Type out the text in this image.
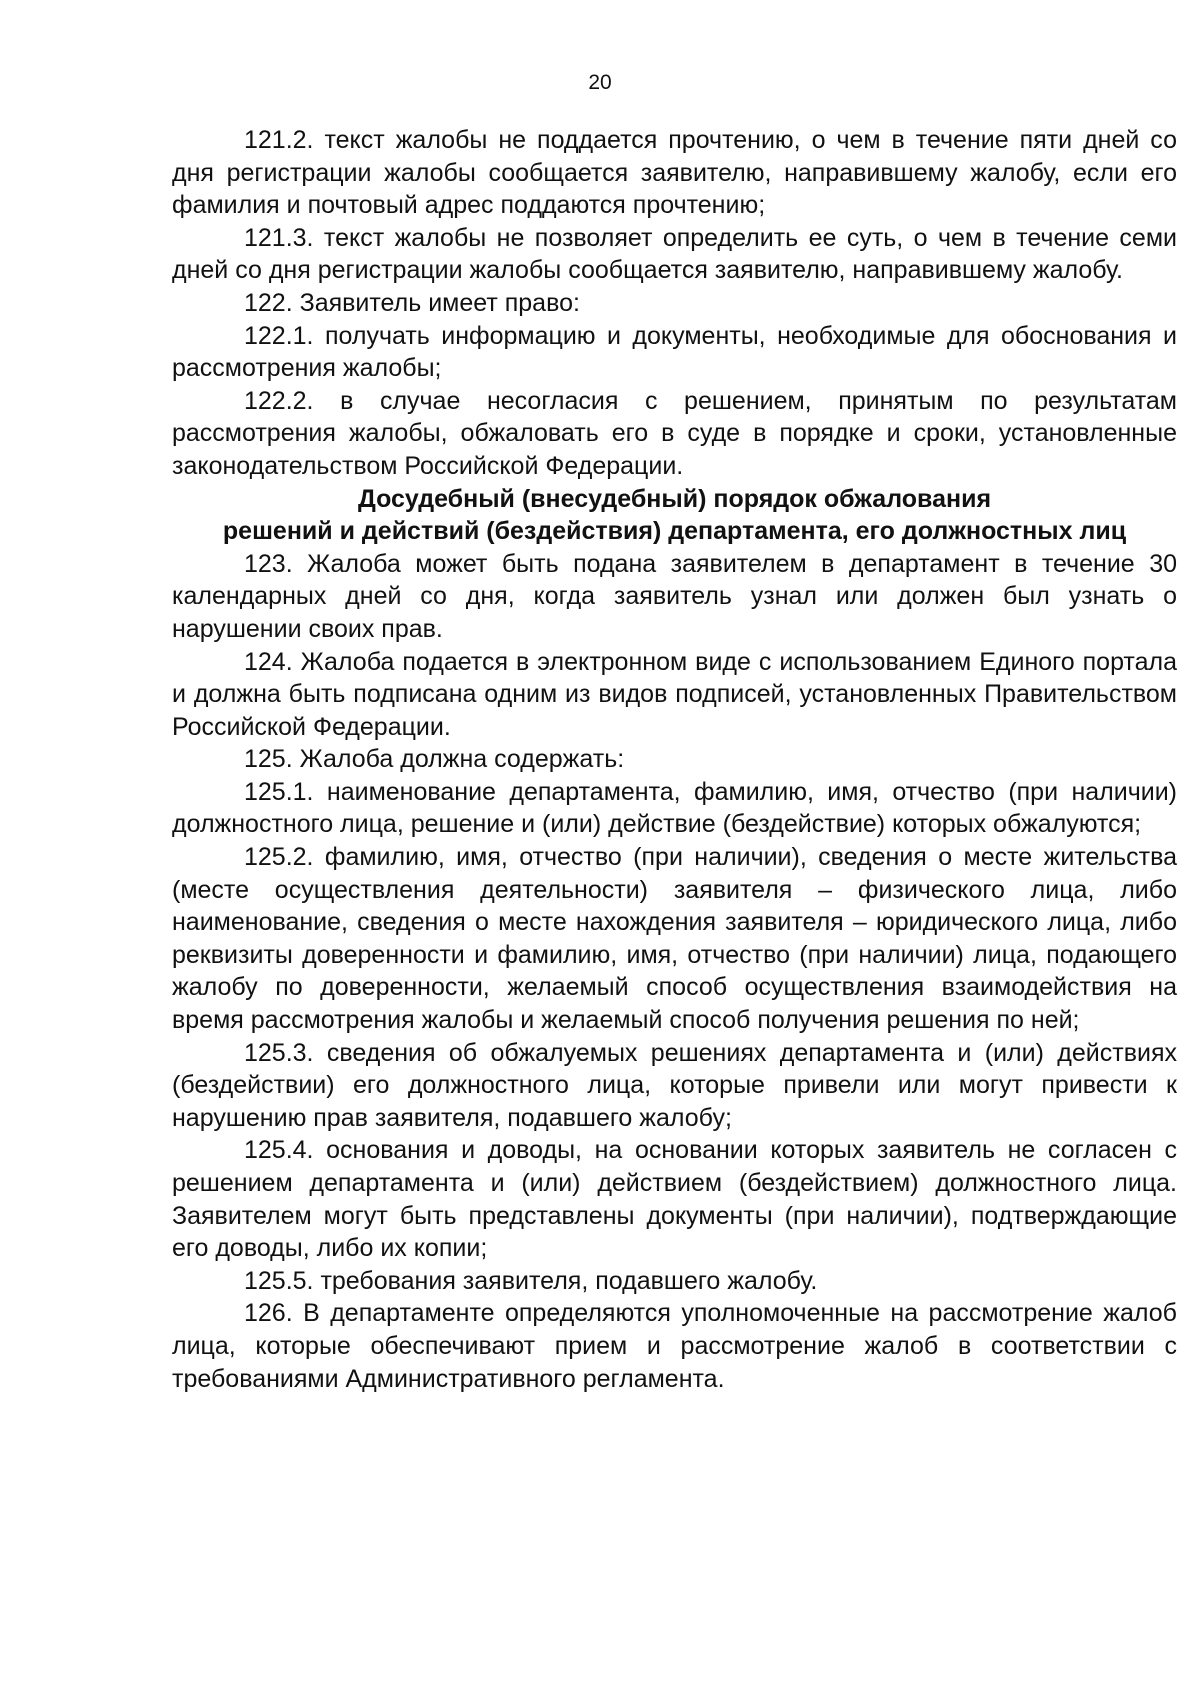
20

121.2. текст жалобы не поддается прочтению, о чем в течение пяти дней со дня регистрации жалобы сообщается заявителю, направившему жалобу, если его фамилия и почтовый адрес поддаются прочтению;

121.3. текст жалобы не позволяет определить ее суть, о чем в течение семи дней со дня регистрации жалобы сообщается заявителю, направившему жалобу.

122. Заявитель имеет право:

122.1. получать информацию и документы, необходимые для обоснования и рассмотрения жалобы;

122.2. в случае несогласия с решением, принятым по результатам рассмотрения жалобы, обжаловать его в суде в порядке и сроки, установленные законодательством Российской Федерации.

Досудебный (внесудебный) порядок обжалования
решений и действий (бездействия) департамента, его должностных лиц

123. Жалоба может быть подана заявителем в департамент в течение 30 календарных дней со дня, когда заявитель узнал или должен был узнать о нарушении своих прав.

124. Жалоба подается в электронном виде с использованием Единого портала и должна быть подписана одним из видов подписей, установленных Правительством Российской Федерации.

125. Жалоба должна содержать:

125.1. наименование департамента, фамилию, имя, отчество (при наличии) должностного лица, решение и (или) действие (бездействие) которых обжалуются;

125.2. фамилию, имя, отчество (при наличии), сведения о месте жительства (месте осуществления деятельности) заявителя – физического лица, либо наименование, сведения о месте нахождения заявителя – юридического лица, либо реквизиты доверенности и фамилию, имя, отчество (при наличии) лица, подающего жалобу по доверенности, желаемый способ осуществления взаимодействия на время рассмотрения жалобы и желаемый способ получения решения по ней;

125.3. сведения об обжалуемых решениях департамента и (или) действиях (бездействии) его должностного лица, которые привели или могут привести к нарушению прав заявителя, подавшего жалобу;

125.4. основания и доводы, на основании которых заявитель не согласен с решением департамента и (или) действием (бездействием) должностного лица. Заявителем могут быть представлены документы (при наличии), подтверждающие его доводы, либо их копии;

125.5. требования заявителя, подавшего жалобу.

126. В департаменте определяются уполномоченные на рассмотрение жалоб лица, которые обеспечивают прием и рассмотрение жалоб в соответствии с требованиями Административного регламента.
